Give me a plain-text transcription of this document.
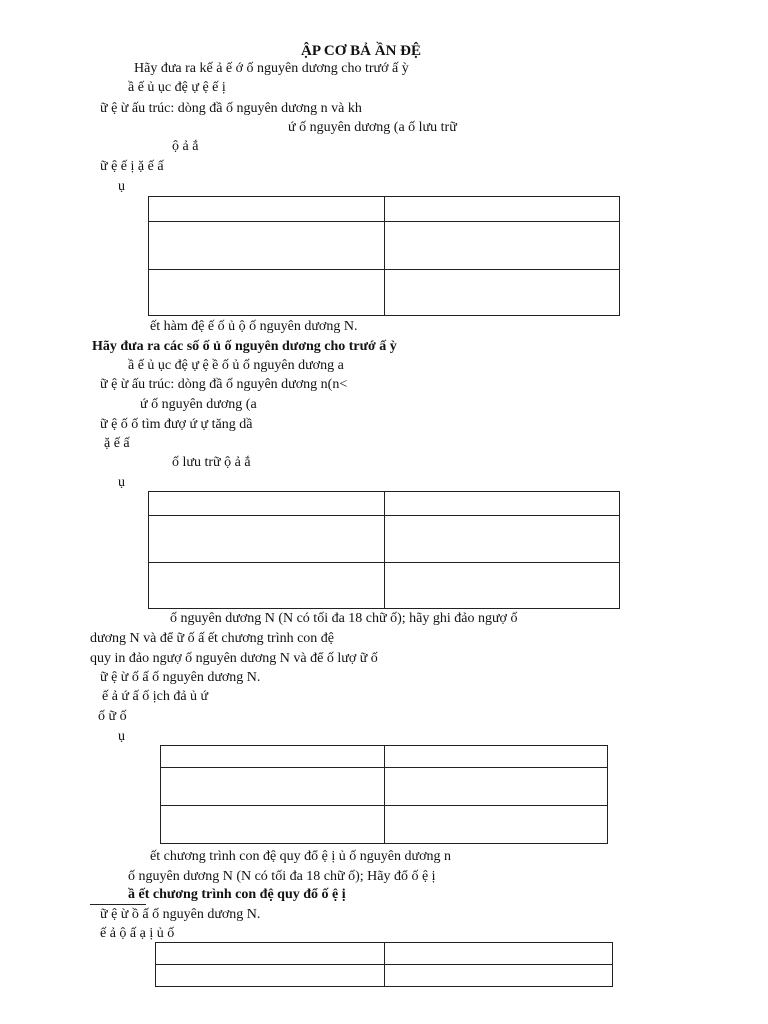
ẬP CƠ BẢ ẦN ĐỆ
Hãy đưa ra kế ả ế ớ ố nguyên dương cho trướ ấ ỳ
ầ ế ủ ục đệ ự ệ ế ị
ữ ệ ừ ấu trúc: dòng đầ ố nguyên dương n và kh
ứ ố nguyên dương (a ố lưu trữ
ộ ả ắ
ữ ệ ế ị ặ ế ấ
ụ

ết hàm đệ ế ố ủ ộ ố nguyên dương N.
Hãy đưa ra các số ố ủ ố nguyên dương cho trướ ấ ỳ
ầ ế ủ ục đệ ự ệ ề ố ủ ố nguyên dương a
ữ ệ ừ ấu trúc: dòng đầ ố nguyên dương n(n<
ứ ố nguyên dương (a
ữ ệ ố ố tìm đượ ứ ự tăng dầ
ặ ế ấ
ố lưu trữ ộ ả ắ
ụ

ố nguyên dương N (N có tối đa 18 chữ ố); hãy ghi đảo ngượ ố
dương N và để ữ ố ấ ết chương trình con đệ
quy in đảo ngượ ố nguyên dương N và để ố lượ ữ ố
ữ ệ ừ ố ấ ố nguyên dương N.
ế ả ứ ấ ố ịch đả ủ ứ
ố ữ ố
ụ

ết chương trình con đệ quy đổ ệ ị ủ ố nguyên dương n
ố nguyên dương N (N có tối đa 18 chữ ố); Hãy đổ ố ệ ị
ầ ết chương trình con đệ quy đổ ố ệ ị
ữ ệ ừ ồ ấ ố nguyên dương N.
ế ả ộ ấ ạ ị ủ ố
